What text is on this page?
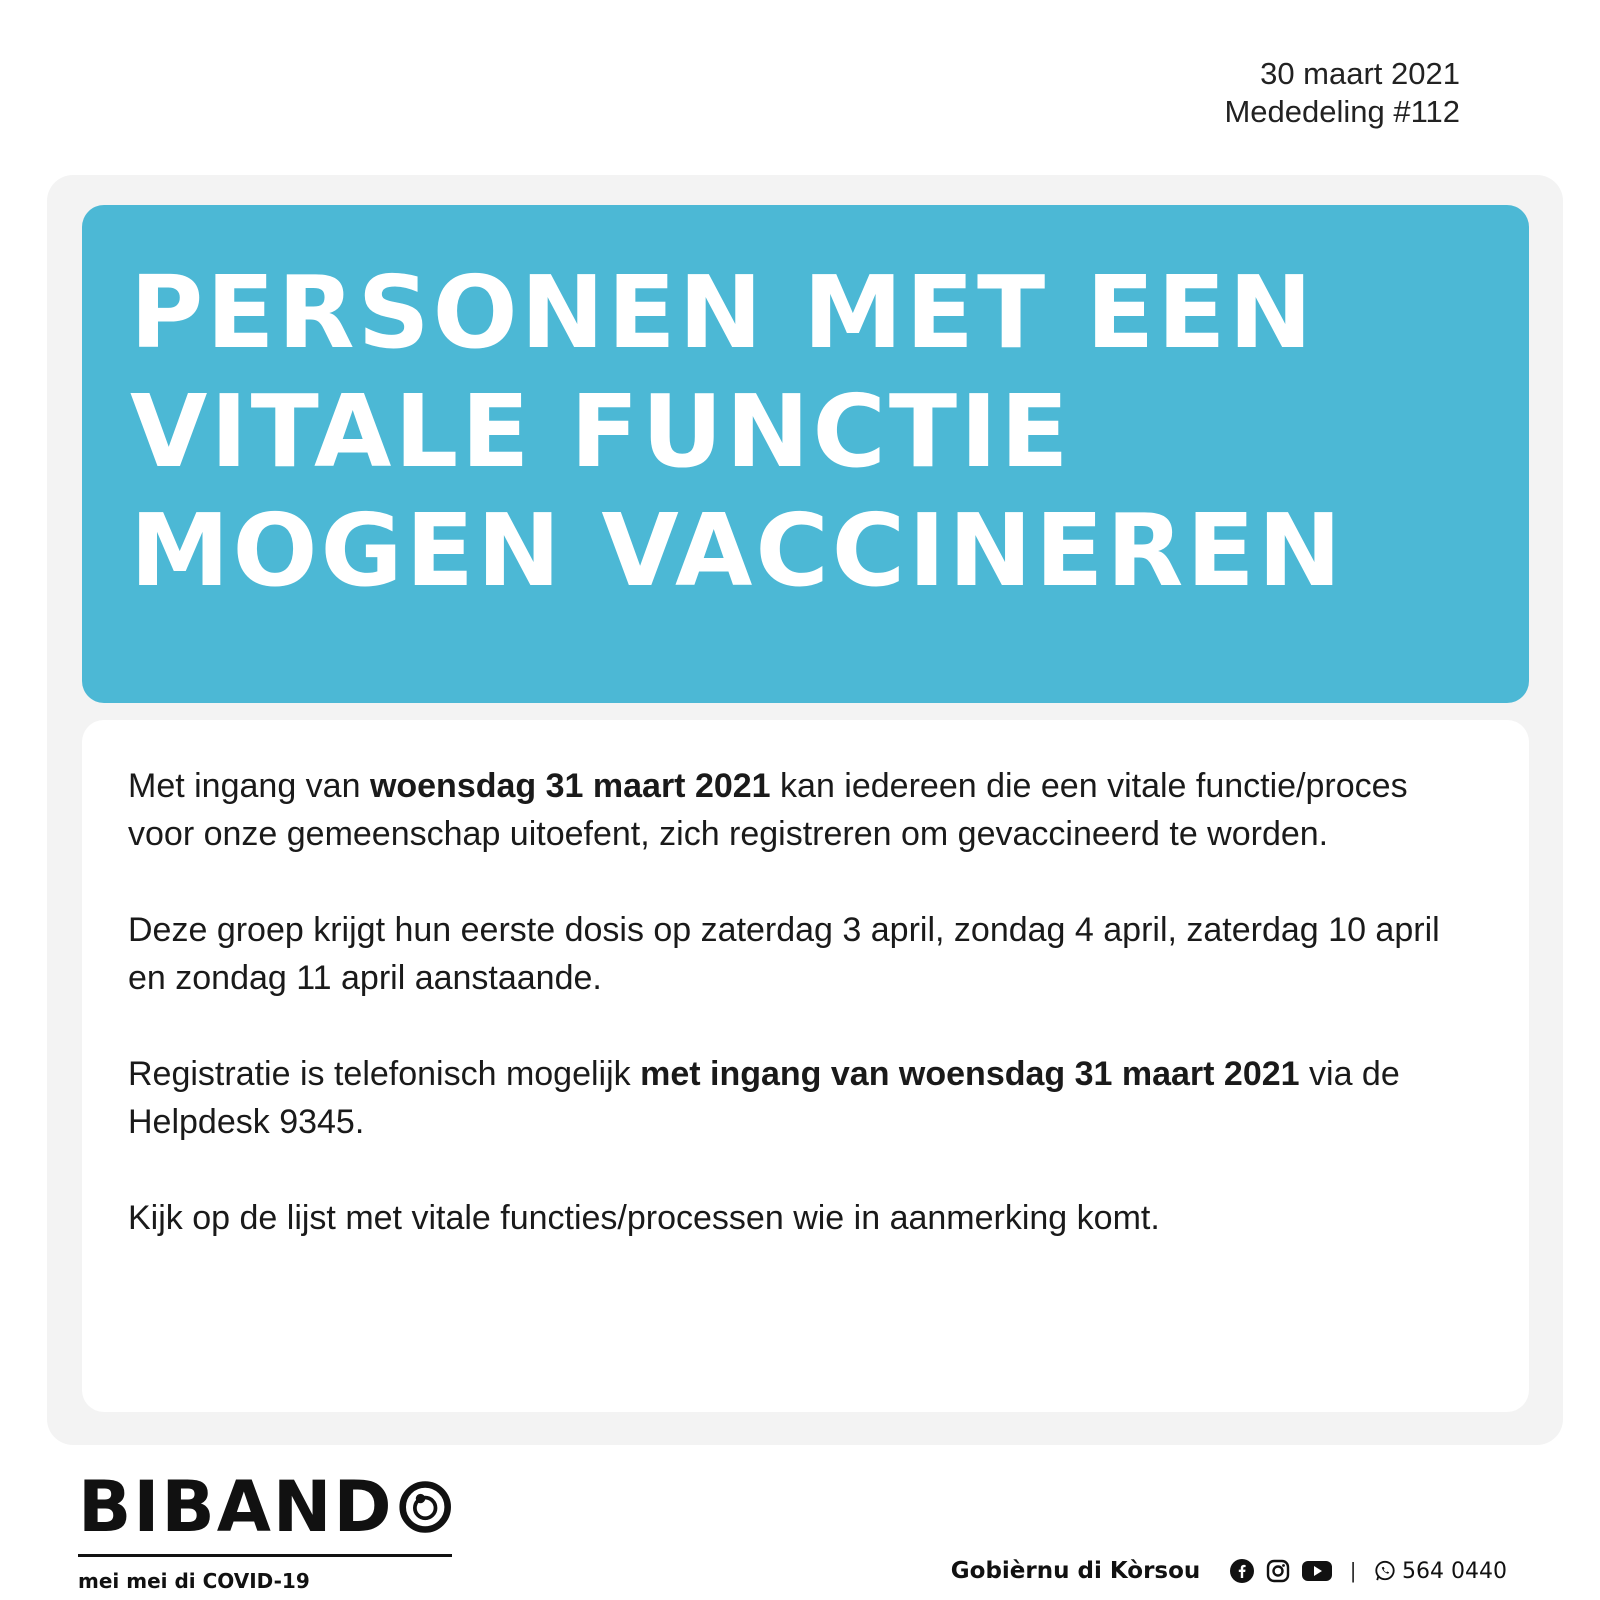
30 maart 2021
Mededeling #112
PERSONEN MET EEN
VITALE FUNCTIE
MOGEN VACCINEREN

Met ingang van woensdag 31 maart 2021 kan iedereen die een vitale functie/proces voor onze gemeenschap uitoefent, zich registreren om gevaccineerd te worden.

Deze groep krijgt hun eerste dosis op zaterdag 3 april, zondag 4 april, zaterdag 10 april en zondag 11 april aanstaande.

Registratie is telefonisch mogelijk met ingang van woensdag 31 maart 2021 via de Helpdesk 9345.

Kijk op de lijst met vitale functies/processen wie in aanmerking komt.

BIBAND
mei mei di COVID-19	Gobièrnu di Kòrsou	| 564 0440
